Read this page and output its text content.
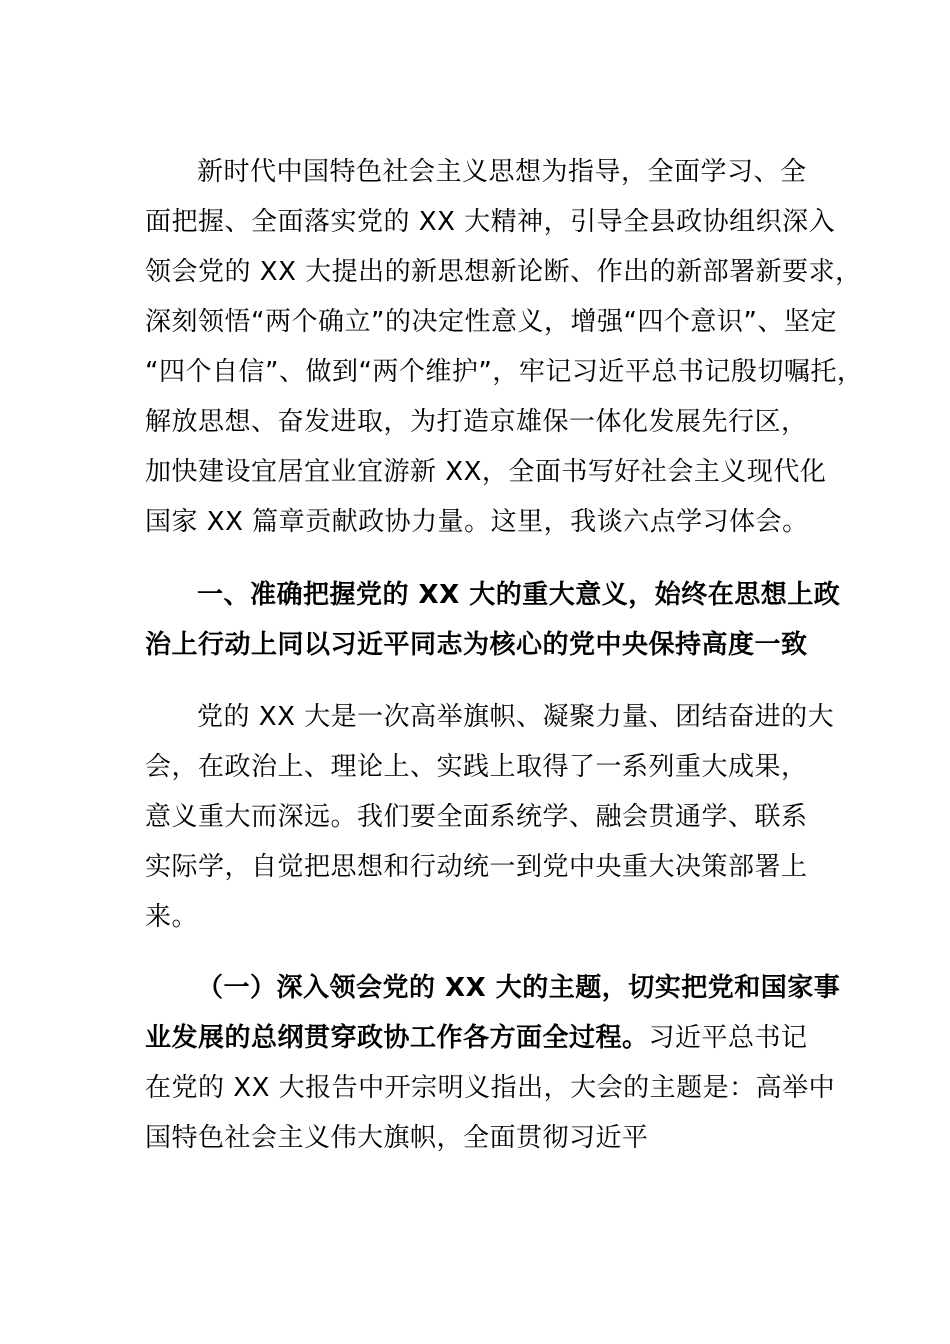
新时代中国特色社会主义思想为指导，全面学习、全
面把握、全面落实党的 XX 大精神，引导全县政协组织深入
领会党的 XX 大提出的新思想新论断、作出的新部署新要求，
深刻领悟“两个确立”的决定性意义，增强“四个意识”、坚定
“四个自信”、做到“两个维护”，牢记习近平总书记殷切嘱托，
解放思想、奋发进取，为打造京雄保一体化发展先行区，
加快建设宜居宜业宜游新 XX，全面书写好社会主义现代化
国家 XX 篇章贡献政协力量。这里，我谈六点学习体会。
一、准确把握党的 XX 大的重大意义，始终在思想上政
治上行动上同以习近平同志为核心的党中央保持高度一致
党的 XX 大是一次高举旗帜、凝聚力量、团结奋进的大
会，在政治上、理论上、实践上取得了一系列重大成果，
意义重大而深远。我们要全面系统学、融会贯通学、联系
实际学，自觉把思想和行动统一到党中央重大决策部署上
来。
（一）深入领会党的 XX 大的主题，切实把党和国家事
业发展的总纲贯穿政协工作各方面全过程。习近平总书记
在党的 XX 大报告中开宗明义指出，大会的主题是：高举中
国特色社会主义伟大旗帜，全面贯彻习近平
